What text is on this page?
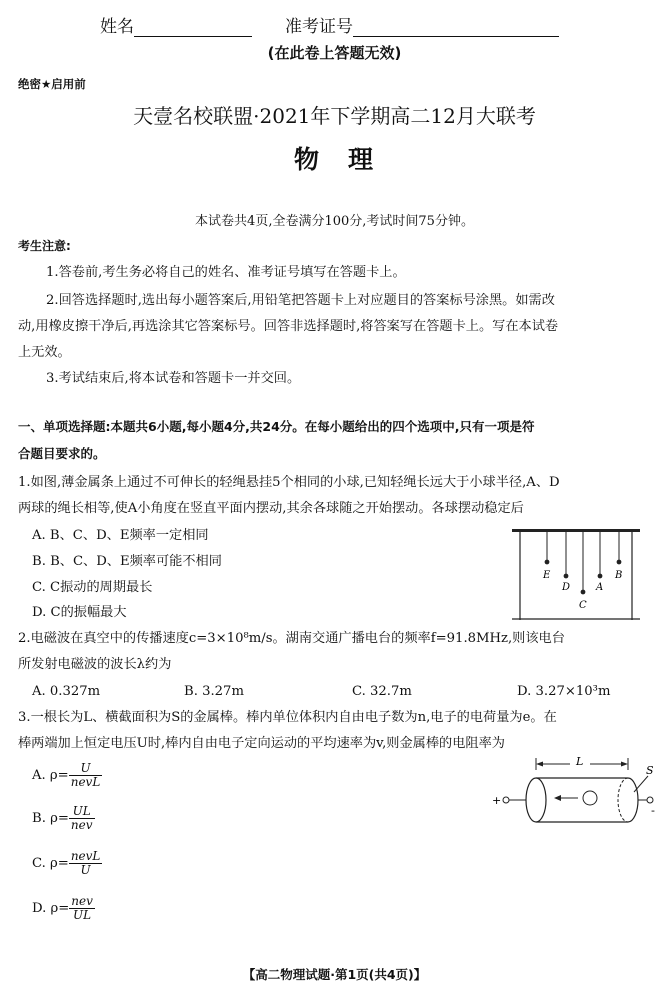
姓名	准考证号
(在此卷上答题无效)
绝密★启用前
天壹名校联盟·2021年下学期高二12月大联考
物　理
本试卷共4页,全卷满分100分,考试时间75分钟。
考生注意:
1.答卷前,考生务必将自己的姓名、准考证号填写在答题卡上。
2.回答选择题时,选出每小题答案后,用铅笔把答题卡上对应题目的答案标号涂黑。如需改
动,用橡皮擦干净后,再选涂其它答案标号。回答非选择题时,将答案写在答题卡上。写在本试卷
上无效。
3.考试结束后,将本试卷和答题卡一并交回。
一、单项选择题:本题共6小题,每小题4分,共24分。在每小题给出的四个选项中,只有一项是符
合题目要求的。
1.如图,薄金属条上通过不可伸长的轻绳悬挂5个相同的小球,已知轻绳长远大于小球半径,A、D
两球的绳长相等,使A小角度在竖直平面内摆动,其余各球随之开始摆动。各球摆动稳定后
A. B、C、D、E频率一定相同
B. B、C、D、E频率可能不相同
C. C振动的周期最长
D. C的振幅最大
E
D
C
A
B
2.电磁波在真空中的传播速度c=3×10⁸m/s。湖南交通广播电台的频率f=91.8MHz,则该电台
所发射电磁波的波长λ约为
A. 0.327m	B. 3.27m	C. 32.7m	D. 3.27×10³m
3.一根长为L、横截面积为S的金属棒。棒内单位体积内自由电子数为n,电子的电荷量为e。在
棒两端加上恒定电压U时,棒内自由电子定向运动的平均速率为v,则金属棒的电阻率为
A. $\rho= \frac{U}{\text{nevL}}$
B. $\rho= \frac{UL}{\text{nev}}$
C. $\rho= \frac{\text{nevL}}{U}$
D. $\rho= \frac{\text{nev}}{UL}$
L
+
-
S
【高二物理试题·第1页(共4页)】
